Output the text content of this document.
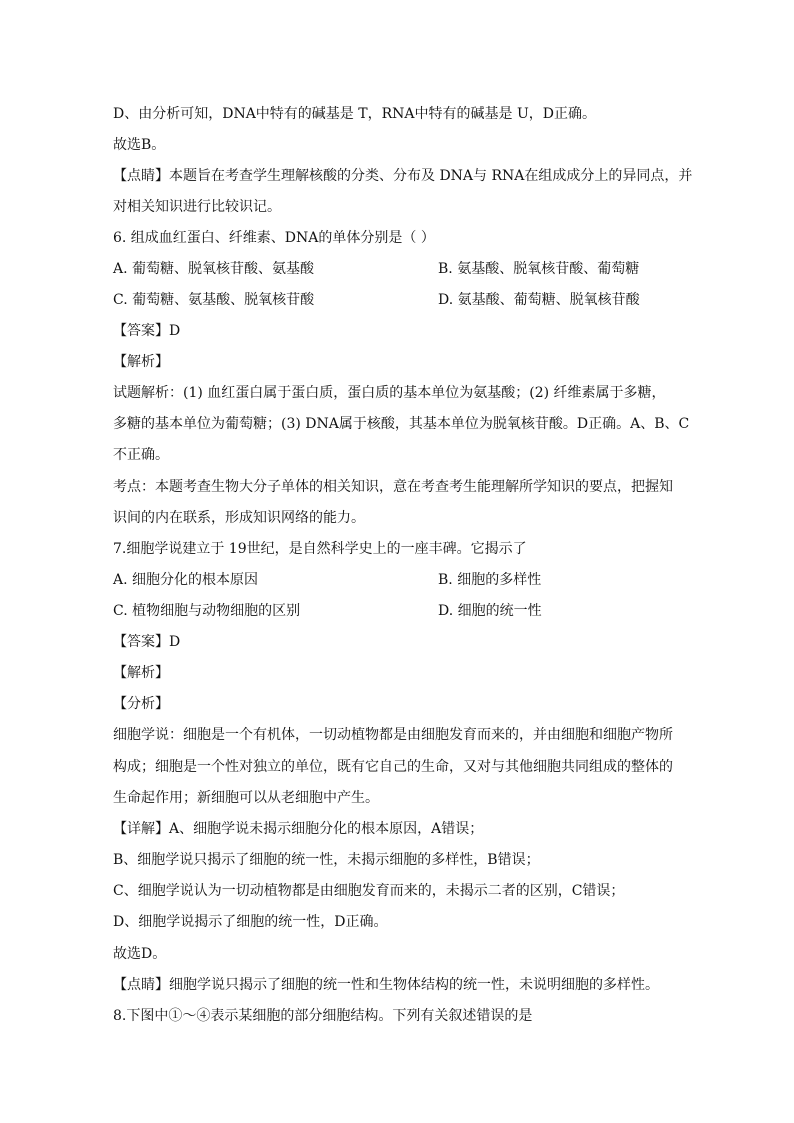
D、由分析可知，DNA中特有的碱基是 T，RNA中特有的碱基是 U，D正确。
故选B。
【点睛】本题旨在考查学生理解核酸的分类、分布及 DNA与 RNA在组成成分上的异同点，并
对相关知识进行比较识记。
6. 组成血红蛋白、纤维素、DNA的单体分别是（ ）
A. 葡萄糖、脱氧核苷酸、氨基酸	B. 氨基酸、脱氧核苷酸、葡萄糖
C. 葡萄糖、氨基酸、脱氧核苷酸	D. 氨基酸、葡萄糖、脱氧核苷酸
【答案】D
【解析】
试题解析：(1) 血红蛋白属于蛋白质，蛋白质的基本单位为氨基酸；(2) 纤维素属于多糖，
多糖的基本单位为葡萄糖；(3) DNA属于核酸，其基本单位为脱氧核苷酸。D正确。A、B、C
不正确。
考点：本题考查生物大分子单体的相关知识，意在考查考生能理解所学知识的要点，把握知
识间的内在联系，形成知识网络的能力。
7.细胞学说建立于 19世纪，是自然科学史上的一座丰碑。它揭示了
A. 细胞分化的根本原因	B. 细胞的多样性
C. 植物细胞与动物细胞的区别	D. 细胞的统一性
【答案】D
【解析】
【分析】
细胞学说：细胞是一个有机体，一切动植物都是由细胞发育而来的，并由细胞和细胞产物所
构成；细胞是一个性对独立的单位，既有它自己的生命，又对与其他细胞共同组成的整体的
生命起作用；新细胞可以从老细胞中产生。
【详解】A、细胞学说未揭示细胞分化的根本原因，A错误；
B、细胞学说只揭示了细胞的统一性，未揭示细胞的多样性，B错误；
C、细胞学说认为一切动植物都是由细胞发育而来的，未揭示二者的区别，C错误；
D、细胞学说揭示了细胞的统一性，D正确。
故选D。
【点睛】细胞学说只揭示了细胞的统一性和生物体结构的统一性，未说明细胞的多样性。
8.下图中①～④表示某细胞的部分细胞结构。下列有关叙述错误的是
